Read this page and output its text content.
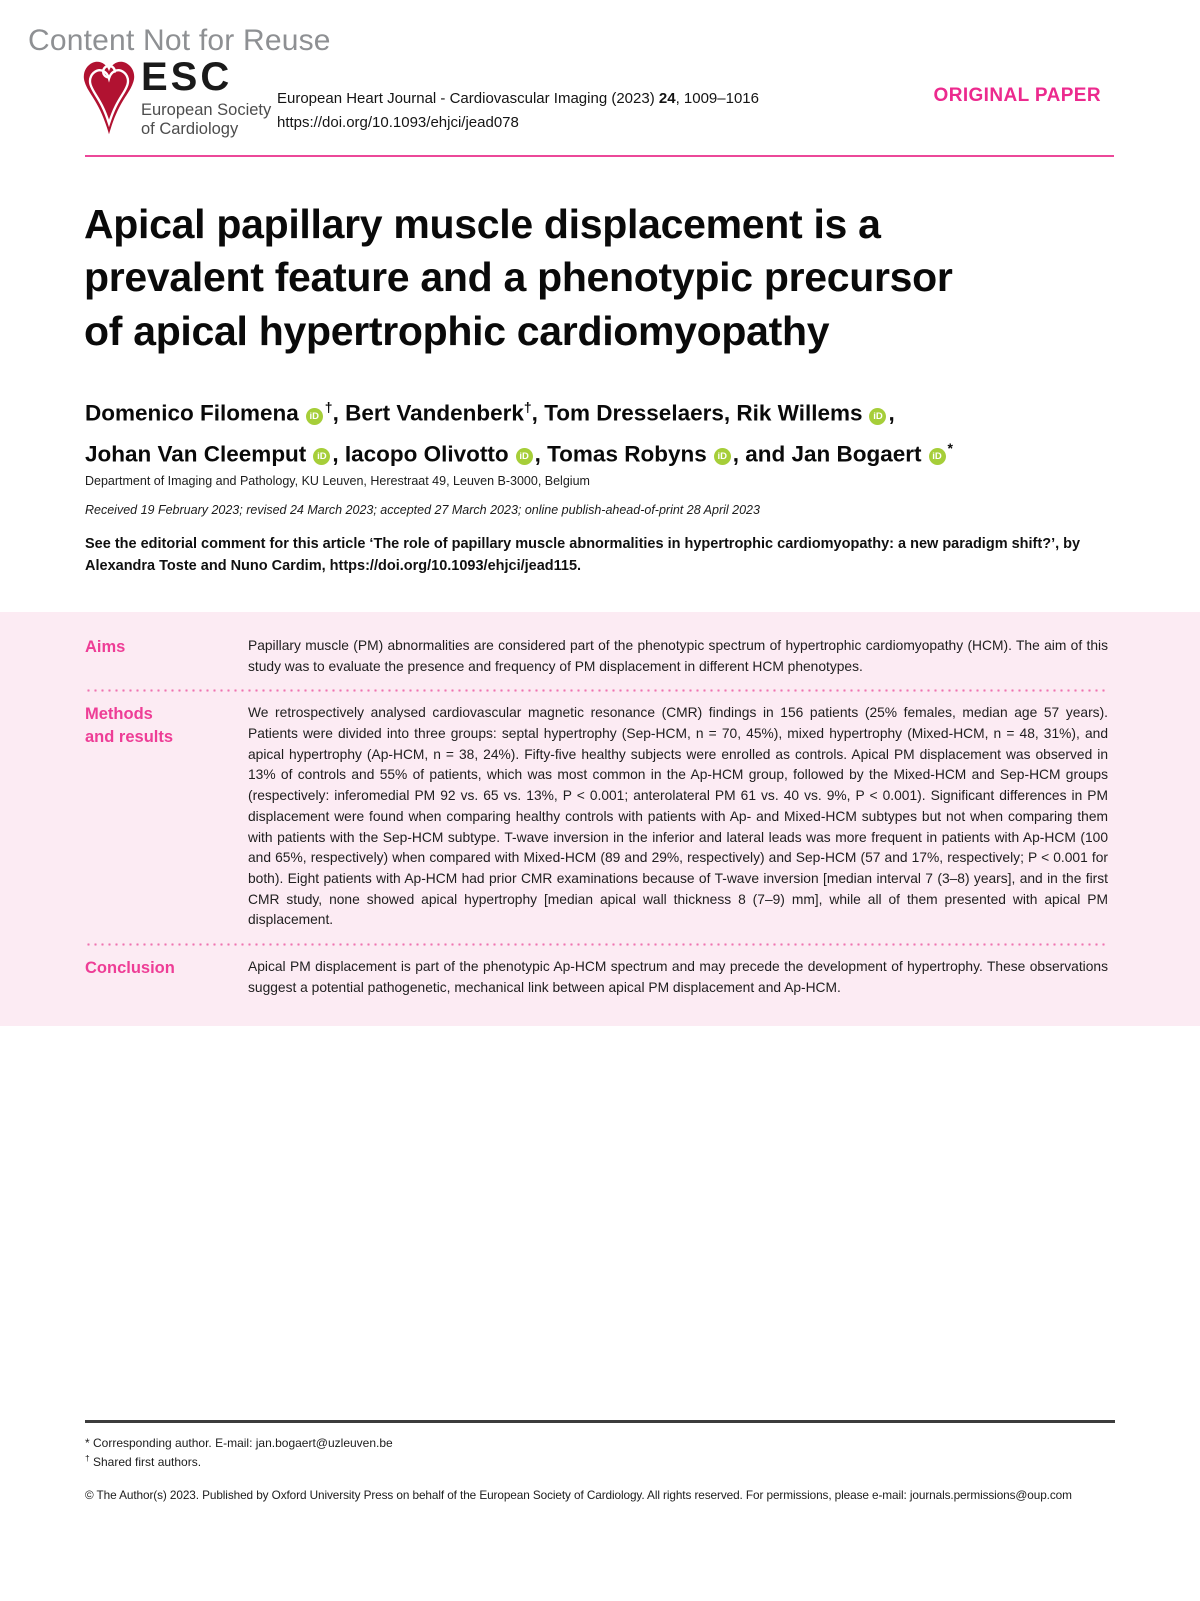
Content Not for Reuse
ESC
European Society
of Cardiology
European Heart Journal - Cardiovascular Imaging (2023) 24, 1009–1016
https://doi.org/10.1093/ehjci/jead078
ORIGINAL PAPER
Apical papillary muscle displacement is a
prevalent feature and a phenotypic precursor
of apical hypertrophic cardiomyopathy
Domenico Filomena iD†, Bert Vandenberk†, Tom Dresselaers, Rik Willems iD ,
Johan Van Cleemput iD , Iacopo Olivotto iD , Tomas Robyns iD , and Jan Bogaert iD*
Department of Imaging and Pathology, KU Leuven, Herestraat 49, Leuven B-3000, Belgium
Received 19 February 2023; revised 24 March 2023; accepted 27 March 2023; online publish-ahead-of-print 28 April 2023
See the editorial comment for this article ‘The role of papillary muscle abnormalities in hypertrophic cardiomyopathy: a new paradigm shift?’, by Alexandra Toste and Nuno Cardim, https://doi.org/10.1093/ehjci/jead115.
Aims	Papillary muscle (PM) abnormalities are considered part of the phenotypic spectrum of hypertrophic cardiomyopathy (HCM). The aim of this study was to evaluate the presence and frequency of PM displacement in different HCM phenotypes.
Methods
and results
We retrospectively analysed cardiovascular magnetic resonance (CMR) findings in 156 patients (25% females, median age 57 years). Patients were divided into three groups: septal hypertrophy (Sep-HCM, n = 70, 45%), mixed hypertrophy (Mixed-HCM, n = 48, 31%), and apical hypertrophy (Ap-HCM, n = 38, 24%). Fifty-five healthy subjects were enrolled as controls. Apical PM displacement was observed in 13% of controls and 55% of patients, which was most common in the Ap-HCM group, followed by the Mixed-HCM and Sep-HCM groups (respectively: inferomedial PM 92 vs. 65 vs. 13%, P < 0.001; anterolateral PM 61 vs. 40 vs. 9%, P < 0.001). Significant differences in PM displacement were found when comparing healthy controls with patients with Ap- and Mixed-HCM subtypes but not when comparing them with patients with the Sep-HCM subtype. T-wave inversion in the inferior and lateral leads was more frequent in patients with Ap-HCM (100 and 65%, respectively) when compared with Mixed-HCM (89 and 29%, respectively) and Sep-HCM (57 and 17%, respectively; P < 0.001 for both). Eight patients with Ap-HCM had prior CMR examinations because of T-wave inversion [median interval 7 (3–8) years], and in the first CMR study, none showed apical hypertrophy [median apical wall thickness 8 (7–9) mm], while all of them presented with apical PM displacement.
Conclusion	Apical PM displacement is part of the phenotypic Ap-HCM spectrum and may precede the development of hypertrophy. These observations suggest a potential pathogenetic, mechanical link between apical PM displacement and Ap-HCM.
* Corresponding author. E-mail: jan.bogaert@uzleuven.be
† Shared first authors.
© The Author(s) 2023. Published by Oxford University Press on behalf of the European Society of Cardiology. All rights reserved. For permissions, please e-mail: journals.permissions@oup.com
